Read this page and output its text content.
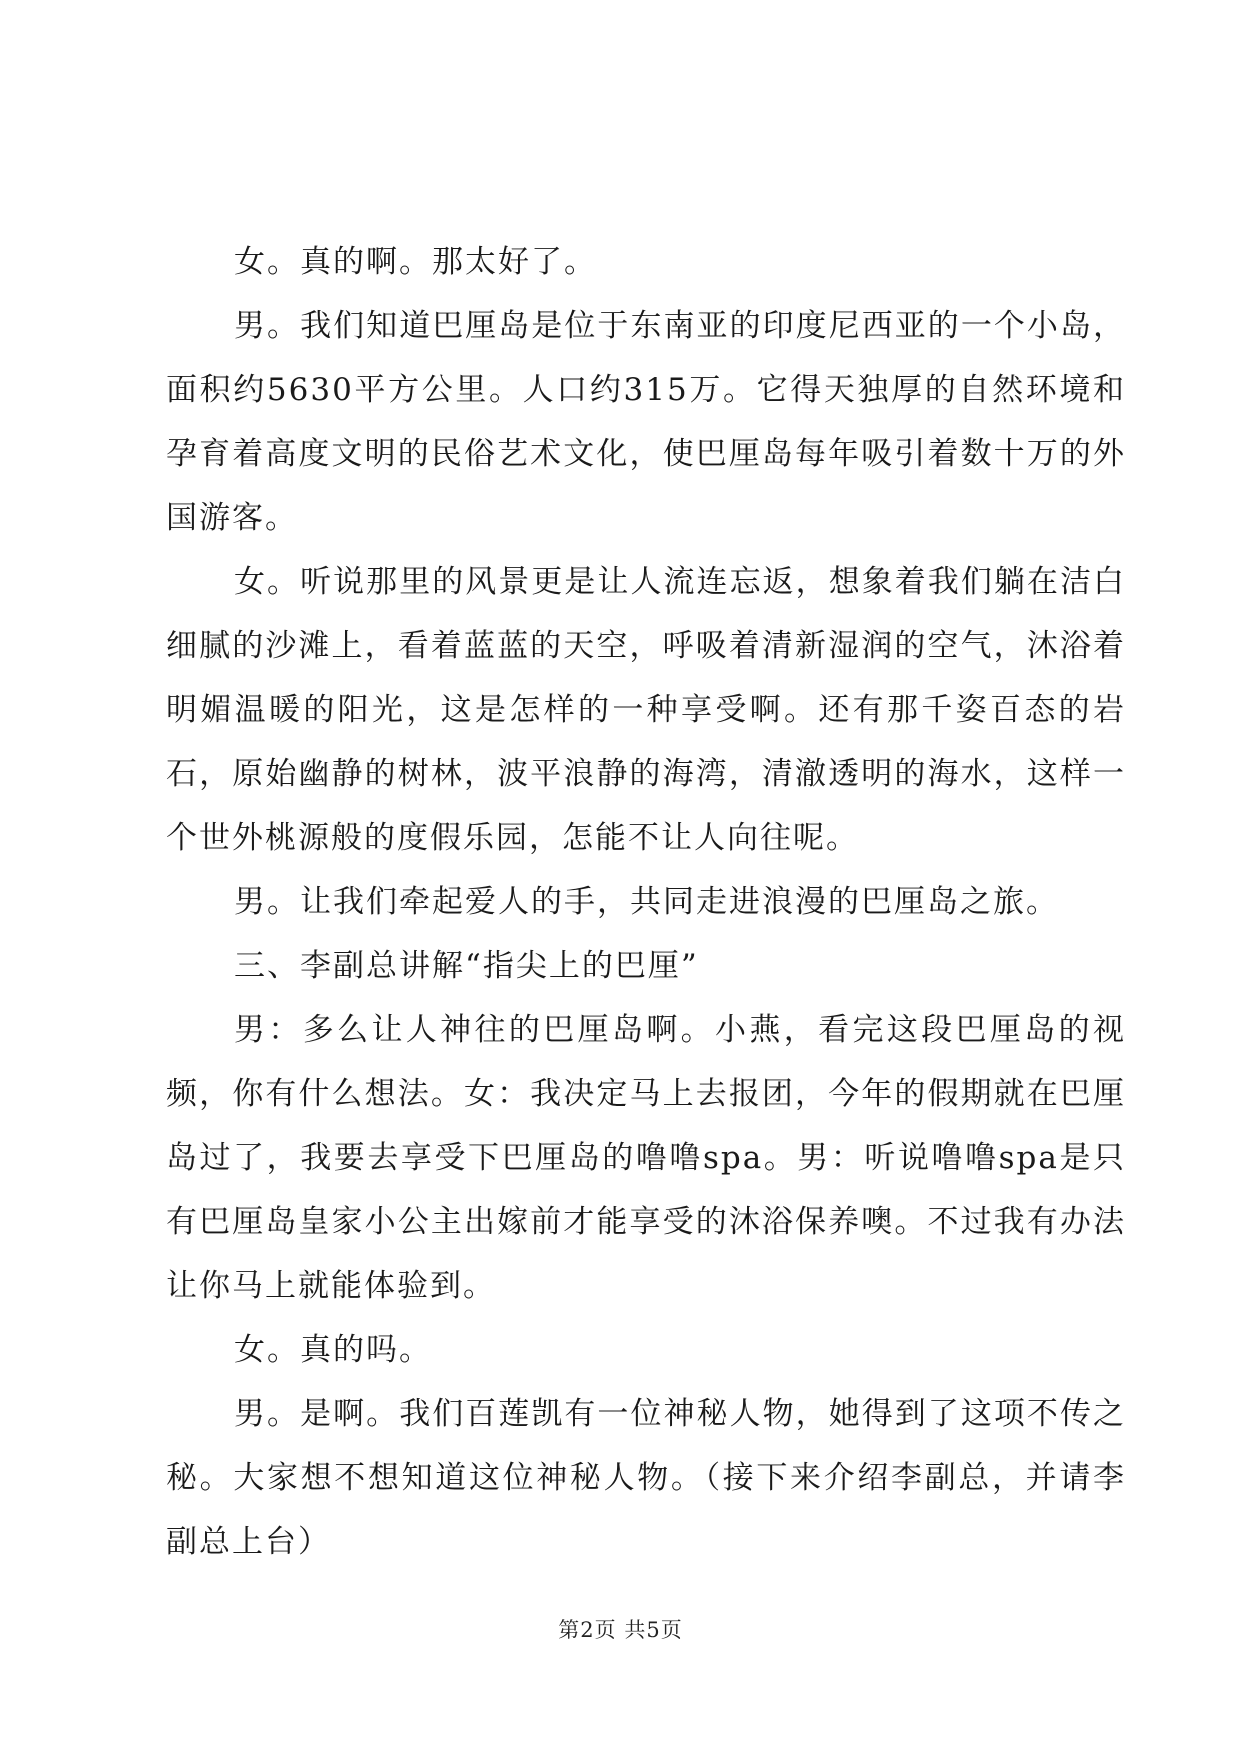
女。真的啊。那太好了。

男。我们知道巴厘岛是位于东南亚的印度尼西亚的一个小岛，面积约5630平方公里。人口约315万。它得天独厚的自然环境和孕育着高度文明的民俗艺术文化，使巴厘岛每年吸引着数十万的外国游客。

女。听说那里的风景更是让人流连忘返，想象着我们躺在洁白细腻的沙滩上，看着蓝蓝的天空，呼吸着清新湿润的空气，沐浴着明媚温暖的阳光，这是怎样的一种享受啊。还有那千姿百态的岩石，原始幽静的树林，波平浪静的海湾，清澈透明的海水，这样一个世外桃源般的度假乐园，怎能不让人向往呢。

男。让我们牵起爱人的手，共同走进浪漫的巴厘岛之旅。

三、李副总讲解“指尖上的巴厘”

男：多么让人神往的巴厘岛啊。小燕，看完这段巴厘岛的视频，你有什么想法。女：我决定马上去报团，今年的假期就在巴厘岛过了，我要去享受下巴厘岛的噜噜spa。男：听说噜噜spa是只有巴厘岛皇家小公主出嫁前才能享受的沐浴保养噢。不过我有办法让你马上就能体验到。

女。真的吗。

男。是啊。我们百莲凯有一位神秘人物，她得到了这项不传之秘。大家想不想知道这位神秘人物。（接下来介绍李副总，并请李副总上台）

第2页 共5页
